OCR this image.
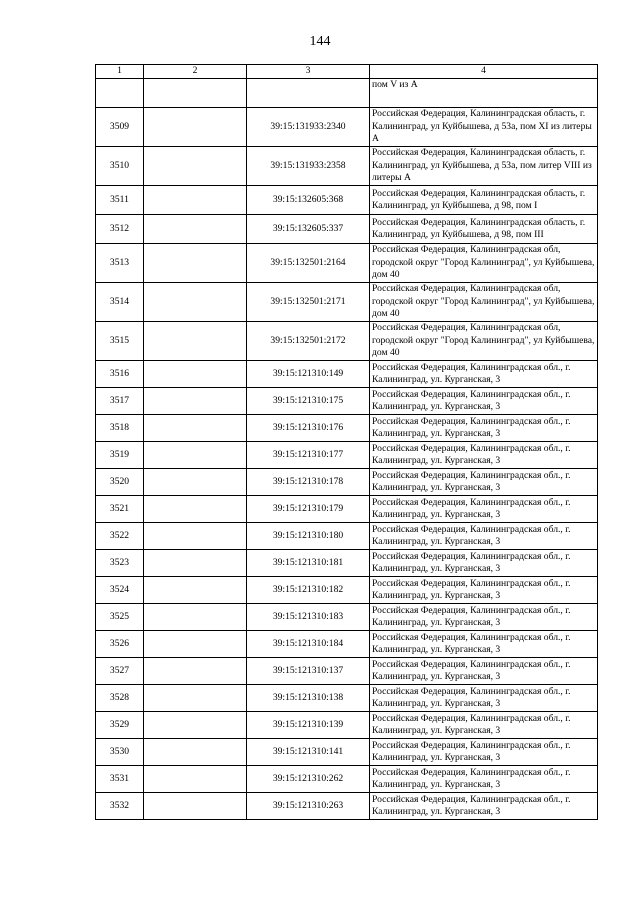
144
1	2	3	4
			пом V из А
3509		39:15:131933:2340	Российская Федерация, Калининградская область, г. Калининград, ул Куйбышева, д 53а, пом XI из литеры А
3510		39:15:131933:2358	Российская Федерация, Калининградская область, г. Калининград, ул Куйбышева, д 53а, пом литер VIII из литеры А
3511		39:15:132605:368	Российская Федерация, Калининградская область, г. Калининград, ул Куйбышева, д 98, пом I
3512		39:15:132605:337	Российская Федерация, Калининградская область, г. Калининград, ул Куйбышева, д 98, пом III
3513		39:15:132501:2164	Российская Федерация, Калининградская обл, городской округ "Город Калининград", ул Куйбышева, дом 40
3514		39:15:132501:2171	Российская Федерация, Калининградская обл, городской округ "Город Калининград", ул Куйбышева, дом 40
3515		39:15:132501:2172	Российская Федерация, Калининградская обл, городской округ "Город Калининград", ул Куйбышева, дом 40
3516		39:15:121310:149	Российская Федерация, Калининградская обл., г. Калининград, ул. Курганская, 3
3517		39:15:121310:175	Российская Федерация, Калининградская обл., г. Калининград, ул. Курганская, 3
3518		39:15:121310:176	Российская Федерация, Калининградская обл., г. Калининград, ул. Курганская, 3
3519		39:15:121310:177	Российская Федерация, Калининградская обл., г. Калининград, ул. Курганская, 3
3520		39:15:121310:178	Российская Федерация, Калининградская обл., г. Калининград, ул. Курганская, 3
3521		39:15:121310:179	Российская Федерация, Калининградская обл., г. Калининград, ул. Курганская, 3
3522		39:15:121310:180	Российская Федерация, Калининградская обл., г. Калининград, ул. Курганская, 3
3523		39:15:121310:181	Российская Федерация, Калининградская обл., г. Калининград, ул. Курганская, 3
3524		39:15:121310:182	Российская Федерация, Калининградская обл., г. Калининград, ул. Курганская, 3
3525		39:15:121310:183	Российская Федерация, Калининградская обл., г. Калининград, ул. Курганская, 3
3526		39:15:121310:184	Российская Федерация, Калининградская обл., г. Калининград, ул. Курганская, 3
3527		39:15:121310:137	Российская Федерация, Калининградская обл., г. Калининград, ул. Курганская, 3
3528		39:15:121310:138	Российская Федерация, Калининградская обл., г. Калининград, ул. Курганская, 3
3529		39:15:121310:139	Российская Федерация, Калининградская обл., г. Калининград, ул. Курганская, 3
3530		39:15:121310:141	Российская Федерация, Калининградская обл., г. Калининград, ул. Курганская, 3
3531		39:15:121310:262	Российская Федерация, Калининградская обл., г. Калининград, ул. Курганская, 3
3532		39:15:121310:263	Российская Федерация, Калининградская обл., г. Калининград, ул. Курганская, 3
